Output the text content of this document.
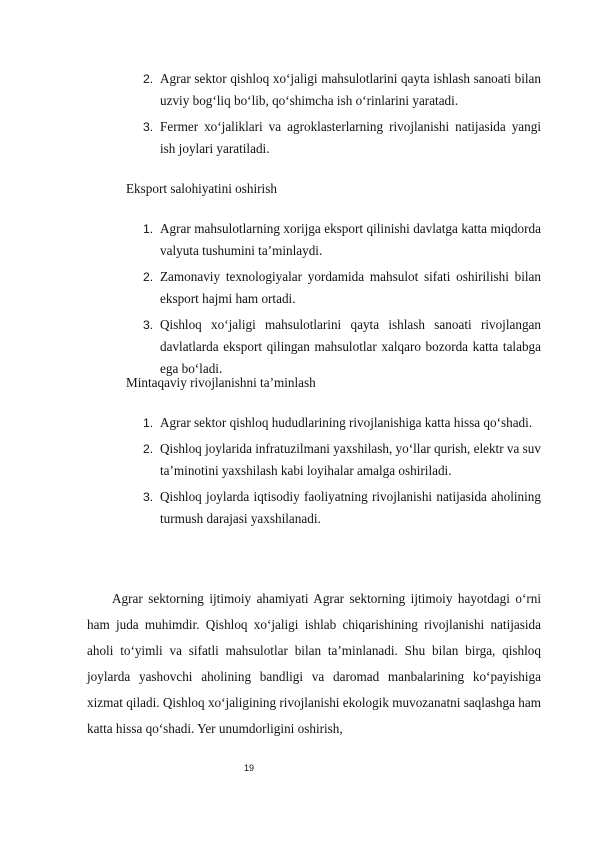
2. Agrar sektor qishloq xo‘jaligi mahsulotlarini qayta ishlash sanoati bilan uzviy bog‘liq bo‘lib, qo‘shimcha ish o‘rinlarini yaratadi.
3. Fermer xo‘jaliklari va agroklasterlarning rivojlanishi natijasida yangi ish joylari yaratiladi.
Eksport salohiyatini oshirish
1. Agrar mahsulotlarning xorijga eksport qilinishi davlatga katta miqdorda valyuta tushumini ta’minlaydi.
2. Zamonaviy texnologiyalar yordamida mahsulot sifati oshirilishi bilan eksport hajmi ham ortadi.
3. Qishloq xo‘jaligi mahsulotlarini qayta ishlash sanoati rivojlangan davlatlarda eksport qilingan mahsulotlar xalqaro bozorda katta talabga ega bo‘ladi.
Mintaqaviy rivojlanishni ta’minlash
1. Agrar sektor qishloq hududlarining rivojlanishiga katta hissa qo‘shadi.
2. Qishloq joylarida infratuzilmani yaxshilash, yo‘llar qurish, elektr va suv ta’minotini yaxshilash kabi loyihalar amalga oshiriladi.
3. Qishloq joylarda iqtisodiy faoliyatning rivojlanishi natijasida aholining turmush darajasi yaxshilanadi.
Agrar sektorning ijtimoiy ahamiyati Agrar sektorning ijtimoiy hayotdagi o‘rni ham juda muhimdir. Qishloq xo‘jaligi ishlab chiqarishining rivojlanishi natijasida aholi to‘yimli va sifatli mahsulotlar bilan ta’minlanadi. Shu bilan birga, qishloq joylarda yashovchi aholining bandligi va daromad manbalarining ko‘payishiga xizmat qiladi. Qishloq xo‘jaligining rivojlanishi ekologik muvozanatni saqlashga ham katta hissa qo‘shadi. Yer unumdorligini oshirish,
19
